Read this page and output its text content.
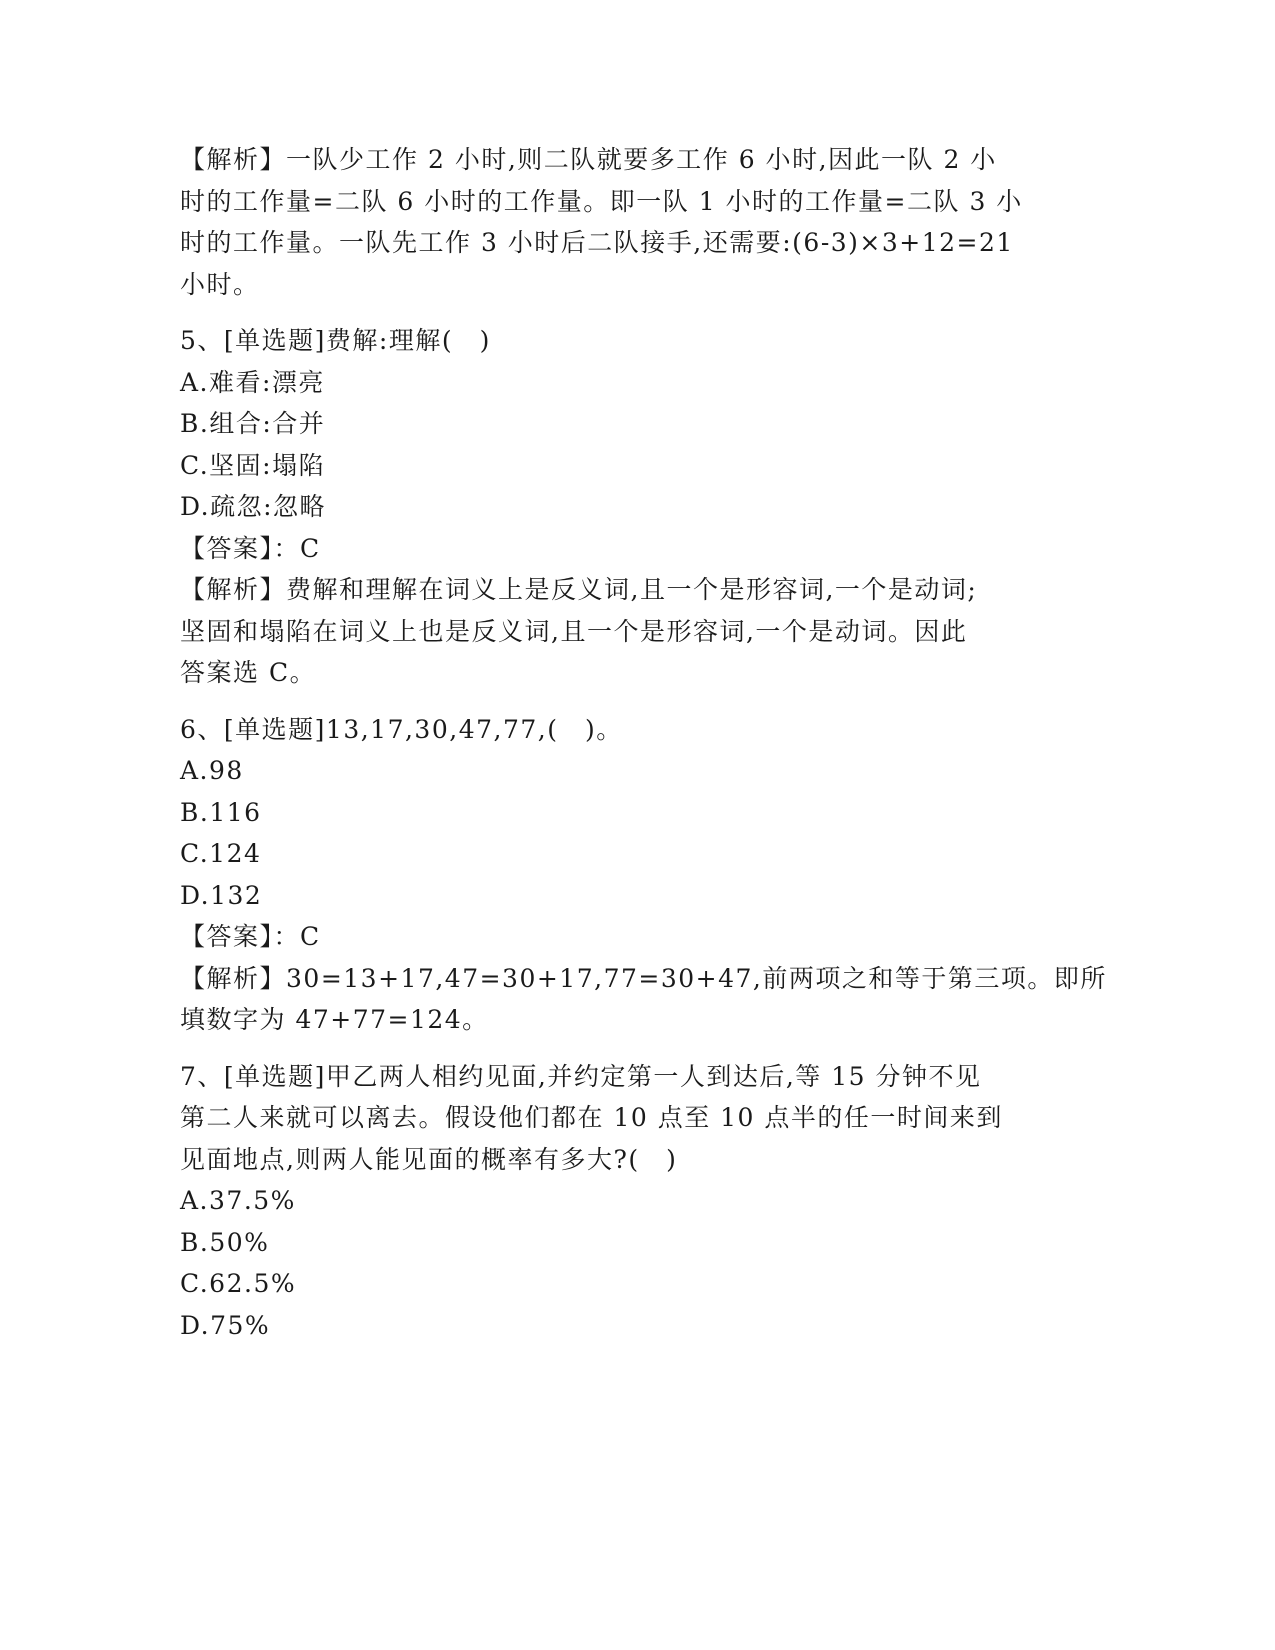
【解析】一队少工作 2 小时,则二队就要多工作 6 小时,因此一队 2 小

时的工作量=二队 6 小时的工作量。即一队 1 小时的工作量=二队 3 小

时的工作量。一队先工作 3 小时后二队接手,还需要:(6-3)×3+12=21

小时。

5、[单选题]费解:理解(　)

A.难看:漂亮

B.组合:合并

C.坚固:塌陷

D.疏忽:忽略

【答案】：C

【解析】费解和理解在词义上是反义词,且一个是形容词,一个是动词;

坚固和塌陷在词义上也是反义词,且一个是形容词,一个是动词。因此

答案选 C。

6、[单选题]13,17,30,47,77,(　)。

A.98

B.116

C.124

D.132

【答案】：C

【解析】30=13+17,47=30+17,77=30+47,前两项之和等于第三项。即所

填数字为 47+77=124。

7、[单选题]甲乙两人相约见面,并约定第一人到达后,等 15 分钟不见

第二人来就可以离去。假设他们都在 10 点至 10 点半的任一时间来到

见面地点,则两人能见面的概率有多大?(　)

A.37.5%

B.50%

C.62.5%

D.75%
